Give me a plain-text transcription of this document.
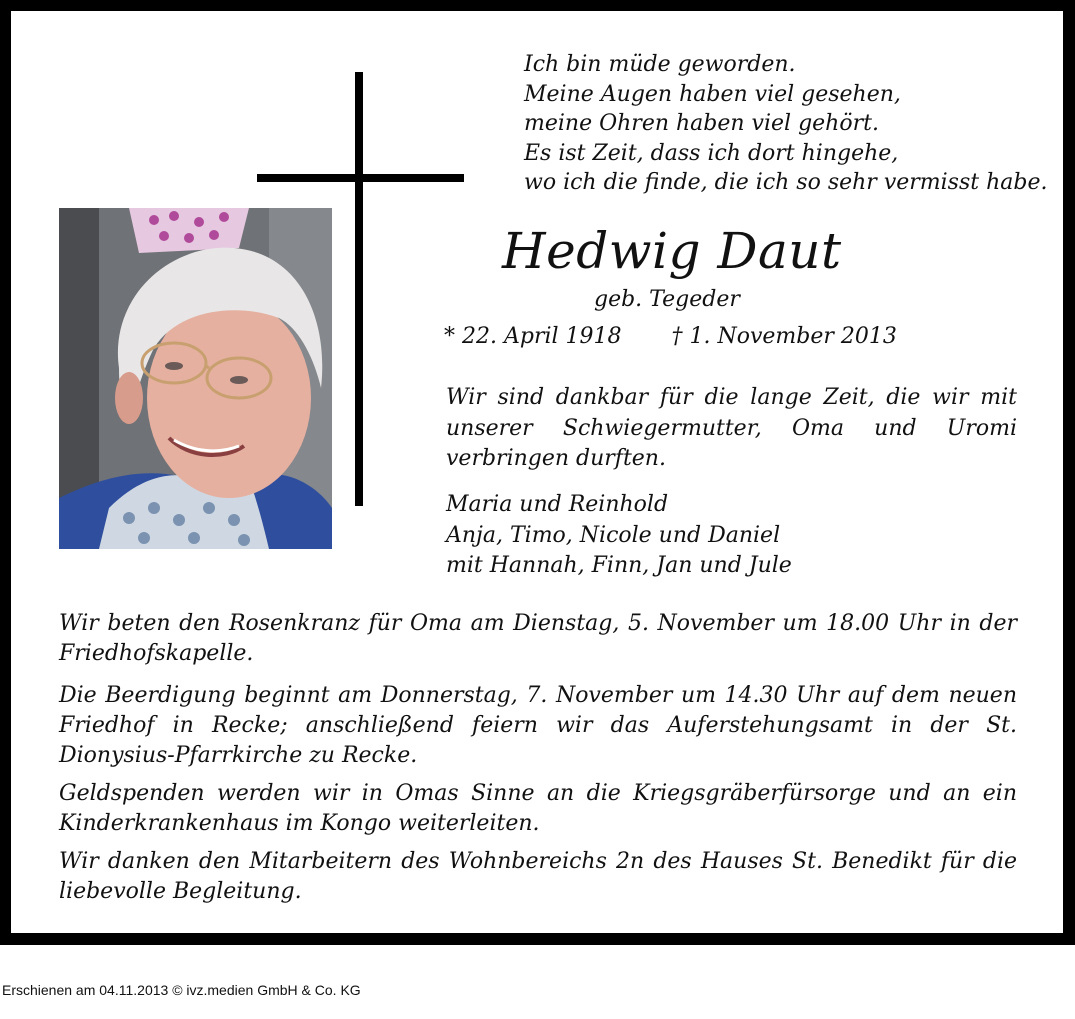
Ich bin müde geworden.
Meine Augen haben viel gesehen,
meine Ohren haben viel gehört.
Es ist Zeit, dass ich dort hingehe,
wo ich die finde, die ich so sehr vermisst habe.
Hedwig Daut
geb. Tegeder
* 22. April 1918 † 1. November 2013
Wir sind dankbar für die lange Zeit, die wir mit unserer Schwiegermutter, Oma und Uromi verbringen durften.
Maria und Reinhold
Anja, Timo, Nicole und Daniel
mit Hannah, Finn, Jan und Jule

Wir beten den Rosenkranz für Oma am Dienstag, 5. November um 18.00 Uhr in der Friedhofskapelle.

Die Beerdigung beginnt am Donnerstag, 7. November um 14.30 Uhr auf dem neuen Friedhof in Recke; anschließend feiern wir das Auferstehungsamt in der St. Dionysius-Pfarrkirche zu Recke.

Geldspenden werden wir in Omas Sinne an die Kriegsgräberfürsorge und an ein Kinderkrankenhaus im Kongo weiterleiten.

Wir danken den Mitarbeitern des Wohnbereichs 2n des Hauses St. Benedikt für die liebevolle Begleitung.

Erschienen am 04.11.2013 © ivz.medien GmbH & Co. KG
